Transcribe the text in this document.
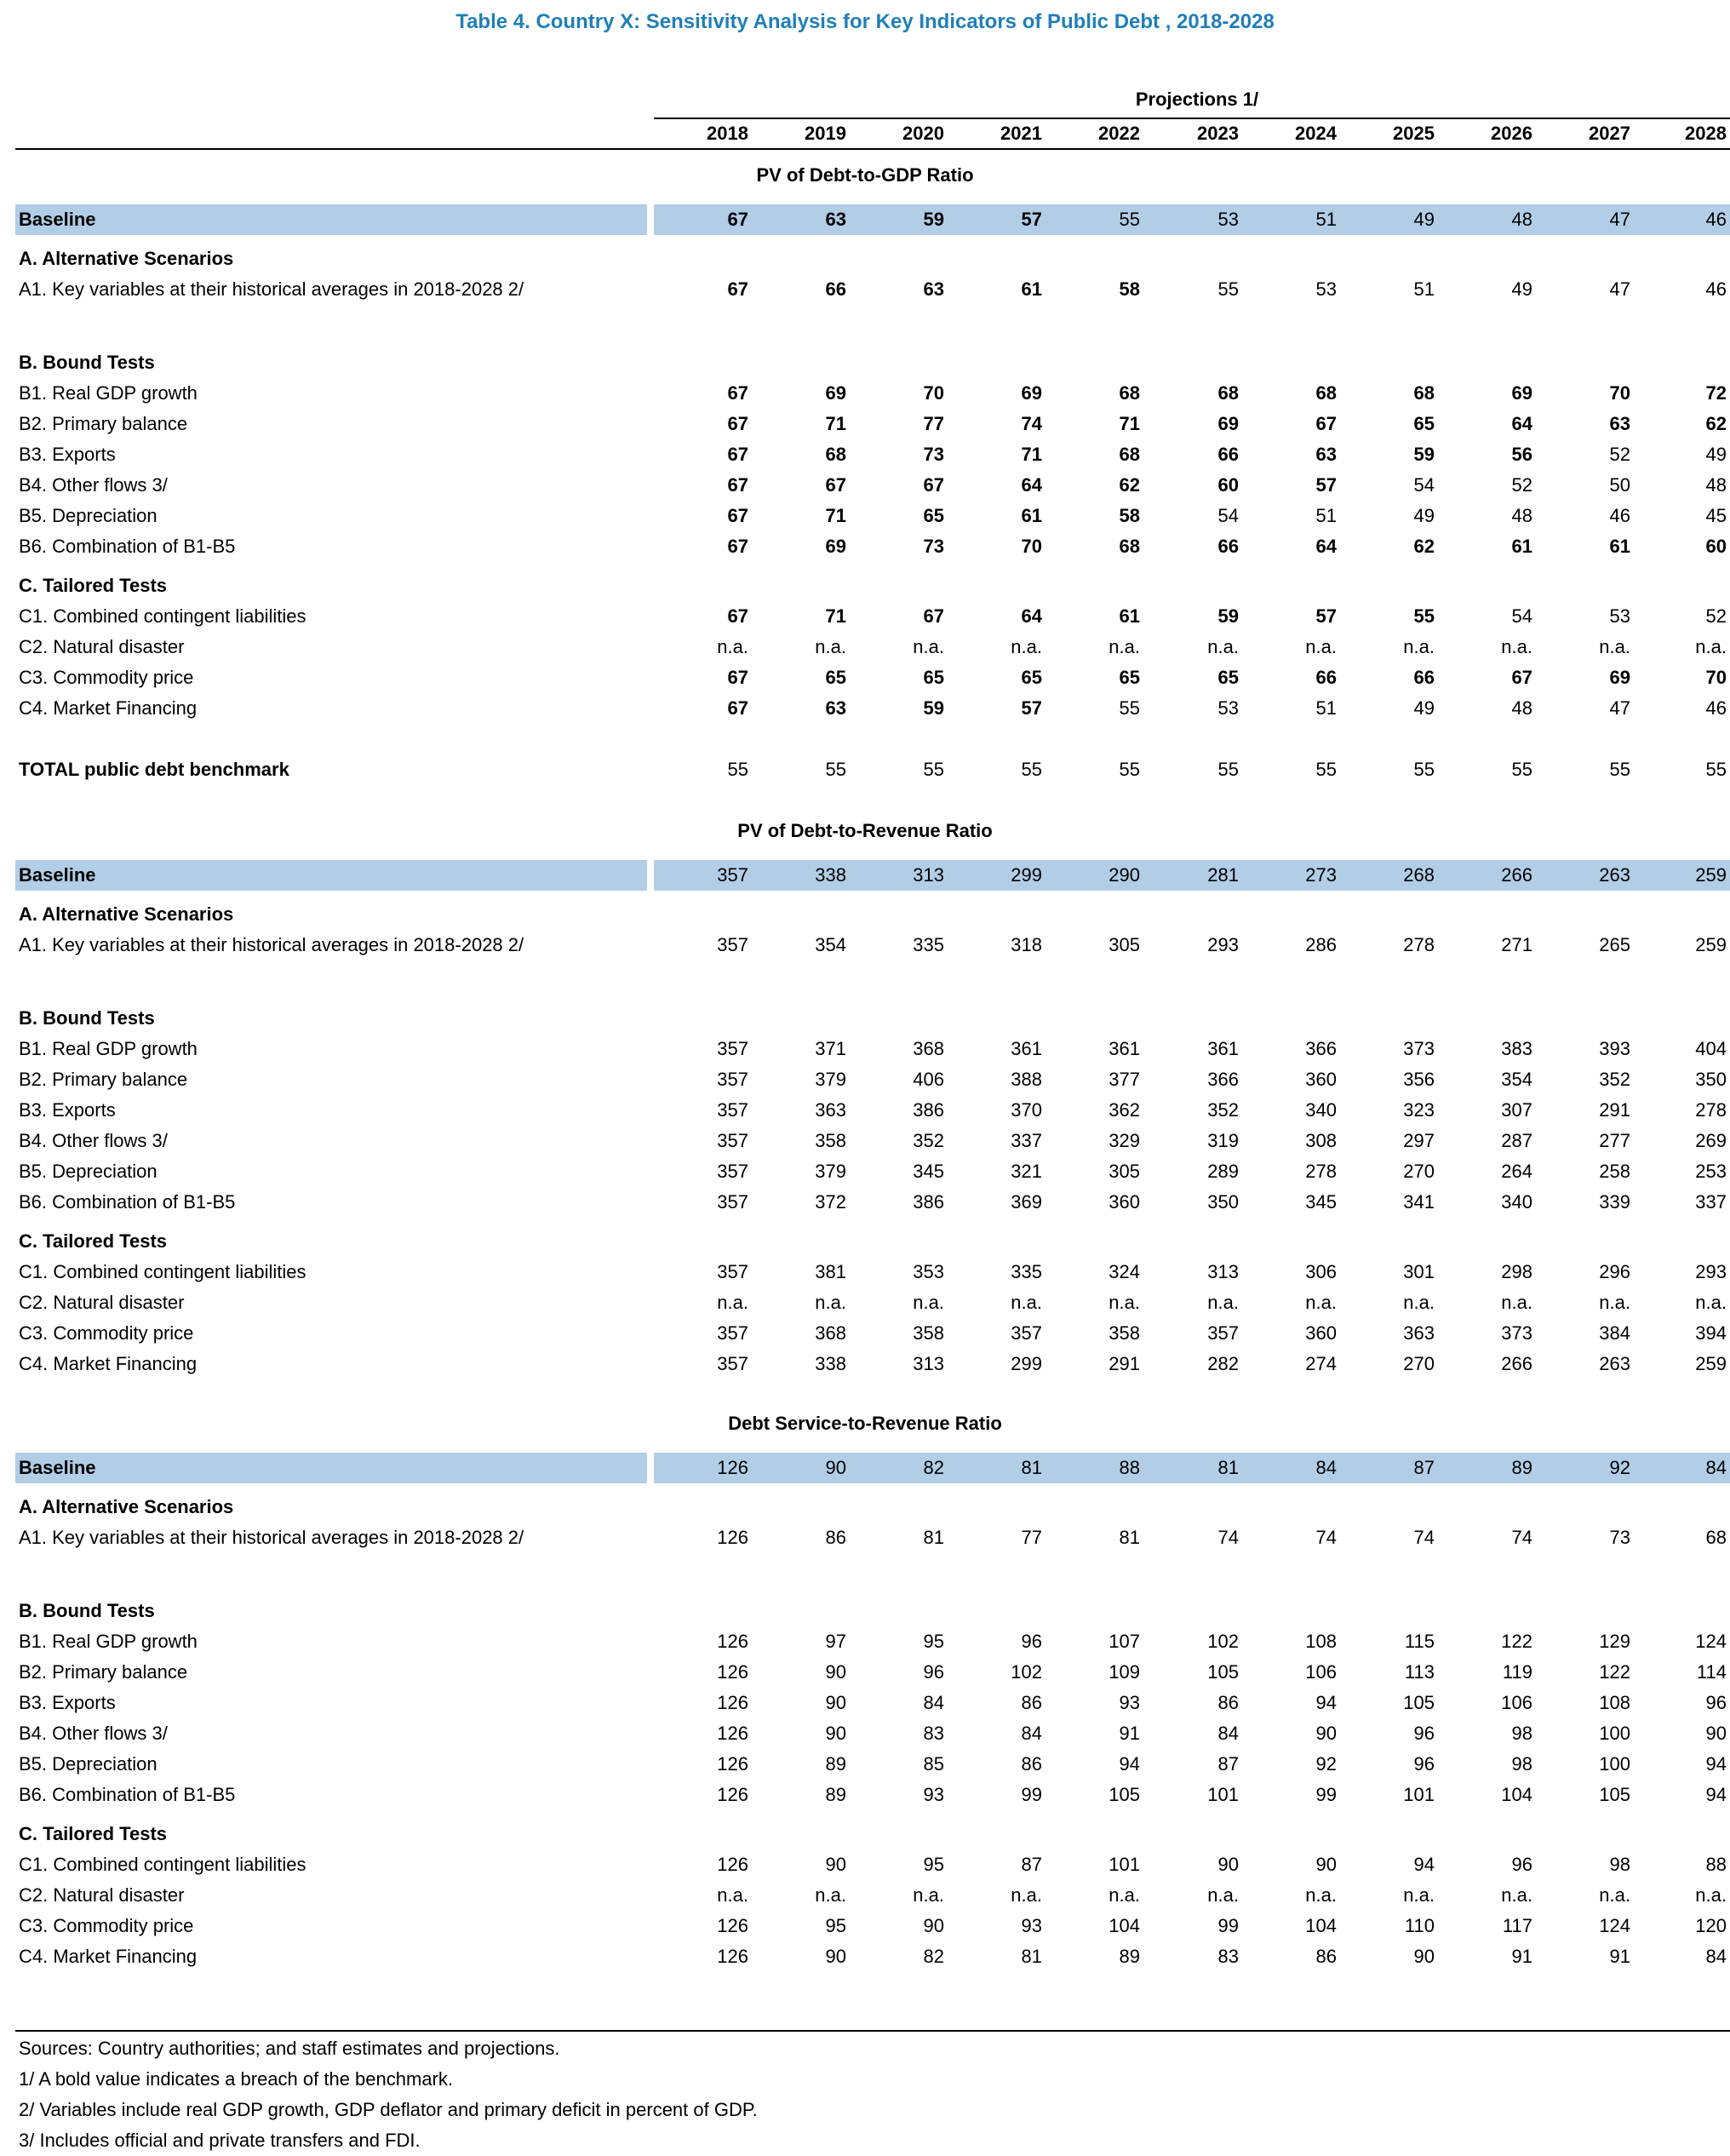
Table 4. Country X: Sensitivity Analysis for Key Indicators of Public Debt , 2018-2028
Projections 1/
2018	2019	2020	2021	2022	2023	2024	2025	2026	2027	2028
PV of Debt-to-GDP Ratio
Baseline	67	63	59	57	55	53	51	49	48	47	46
A. Alternative Scenarios
A1. Key variables at their historical averages in 2018-2028 2/	67	66	63	61	58	55	53	51	49	47	46
B. Bound Tests
B1. Real GDP growth	67	69	70	69	68	68	68	68	69	70	72
B2. Primary balance	67	71	77	74	71	69	67	65	64	63	62
B3. Exports	67	68	73	71	68	66	63	59	56	52	49
B4. Other flows 3/	67	67	67	64	62	60	57	54	52	50	48
B5. Depreciation	67	71	65	61	58	54	51	49	48	46	45
B6. Combination of B1-B5	67	69	73	70	68	66	64	62	61	61	60
C. Tailored Tests
C1. Combined contingent liabilities	67	71	67	64	61	59	57	55	54	53	52
C2. Natural disaster	n.a.	n.a.	n.a.	n.a.	n.a.	n.a.	n.a.	n.a.	n.a.	n.a.	n.a.
C3. Commodity price	67	65	65	65	65	65	66	66	67	69	70
C4. Market Financing	67	63	59	57	55	53	51	49	48	47	46
TOTAL public debt benchmark	55	55	55	55	55	55	55	55	55	55	55
PV of Debt-to-Revenue Ratio
Baseline	357	338	313	299	290	281	273	268	266	263	259
A. Alternative Scenarios
A1. Key variables at their historical averages in 2018-2028 2/	357	354	335	318	305	293	286	278	271	265	259
B. Bound Tests
B1. Real GDP growth	357	371	368	361	361	361	366	373	383	393	404
B2. Primary balance	357	379	406	388	377	366	360	356	354	352	350
B3. Exports	357	363	386	370	362	352	340	323	307	291	278
B4. Other flows 3/	357	358	352	337	329	319	308	297	287	277	269
B5. Depreciation	357	379	345	321	305	289	278	270	264	258	253
B6. Combination of B1-B5	357	372	386	369	360	350	345	341	340	339	337
C. Tailored Tests
C1. Combined contingent liabilities	357	381	353	335	324	313	306	301	298	296	293
C2. Natural disaster	n.a.	n.a.	n.a.	n.a.	n.a.	n.a.	n.a.	n.a.	n.a.	n.a.	n.a.
C3. Commodity price	357	368	358	357	358	357	360	363	373	384	394
C4. Market Financing	357	338	313	299	291	282	274	270	266	263	259
Debt Service-to-Revenue Ratio
Baseline	126	90	82	81	88	81	84	87	89	92	84
A. Alternative Scenarios
A1. Key variables at their historical averages in 2018-2028 2/	126	86	81	77	81	74	74	74	74	73	68
B. Bound Tests
B1. Real GDP growth	126	97	95	96	107	102	108	115	122	129	124
B2. Primary balance	126	90	96	102	109	105	106	113	119	122	114
B3. Exports	126	90	84	86	93	86	94	105	106	108	96
B4. Other flows 3/	126	90	83	84	91	84	90	96	98	100	90
B5. Depreciation	126	89	85	86	94	87	92	96	98	100	94
B6. Combination of B1-B5	126	89	93	99	105	101	99	101	104	105	94
C. Tailored Tests
C1. Combined contingent liabilities	126	90	95	87	101	90	90	94	96	98	88
C2. Natural disaster	n.a.	n.a.	n.a.	n.a.	n.a.	n.a.	n.a.	n.a.	n.a.	n.a.	n.a.
C3. Commodity price	126	95	90	93	104	99	104	110	117	124	120
C4. Market Financing	126	90	82	81	89	83	86	90	91	91	84
Sources: Country authorities; and staff estimates and projections.
1/ A bold value indicates a breach of the benchmark.
2/ Variables include real GDP growth, GDP deflator and primary deficit in percent of GDP.
3/ Includes official and private transfers and FDI.
